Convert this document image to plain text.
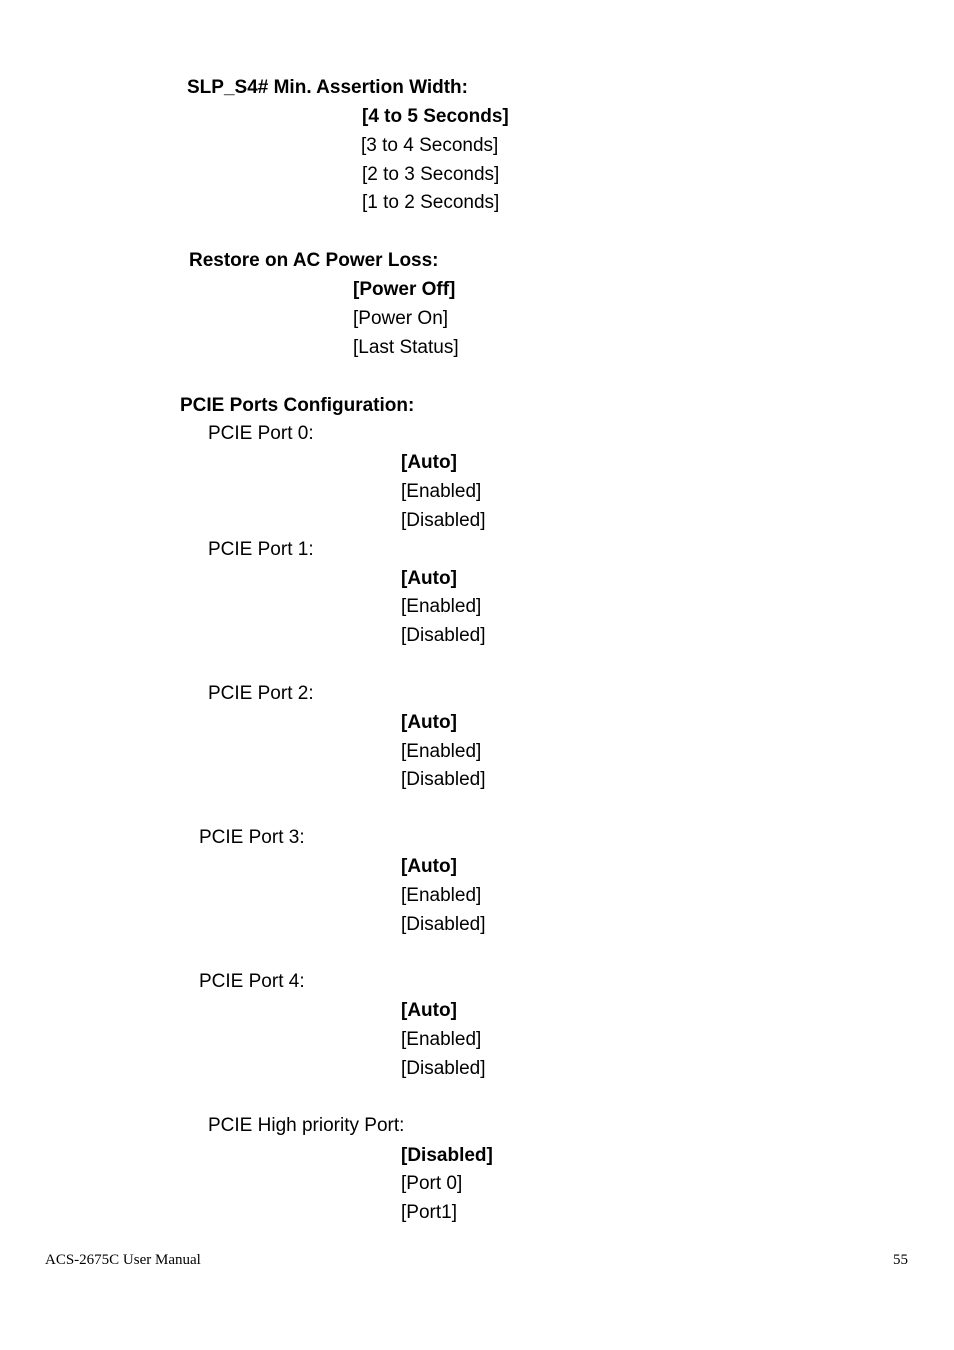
SLP_S4# Min. Assertion Width:
[4 to 5 Seconds]
[3 to 4 Seconds]
[2 to 3 Seconds]
[1 to 2 Seconds]
Restore on AC Power Loss:
[Power Off]
[Power On]
[Last Status]
PCIE Ports Configuration:
PCIE Port 0:
[Auto]
[Enabled]
[Disabled]
PCIE Port 1:
[Auto]
[Enabled]
[Disabled]
PCIE Port 2:
[Auto]
[Enabled]
[Disabled]
PCIE Port 3:
[Auto]
[Enabled]
[Disabled]
PCIE Port 4:
[Auto]
[Enabled]
[Disabled]
PCIE High priority Port:
[Disabled]
[Port 0]
[Port1]
ACS-2675C User Manual	55
